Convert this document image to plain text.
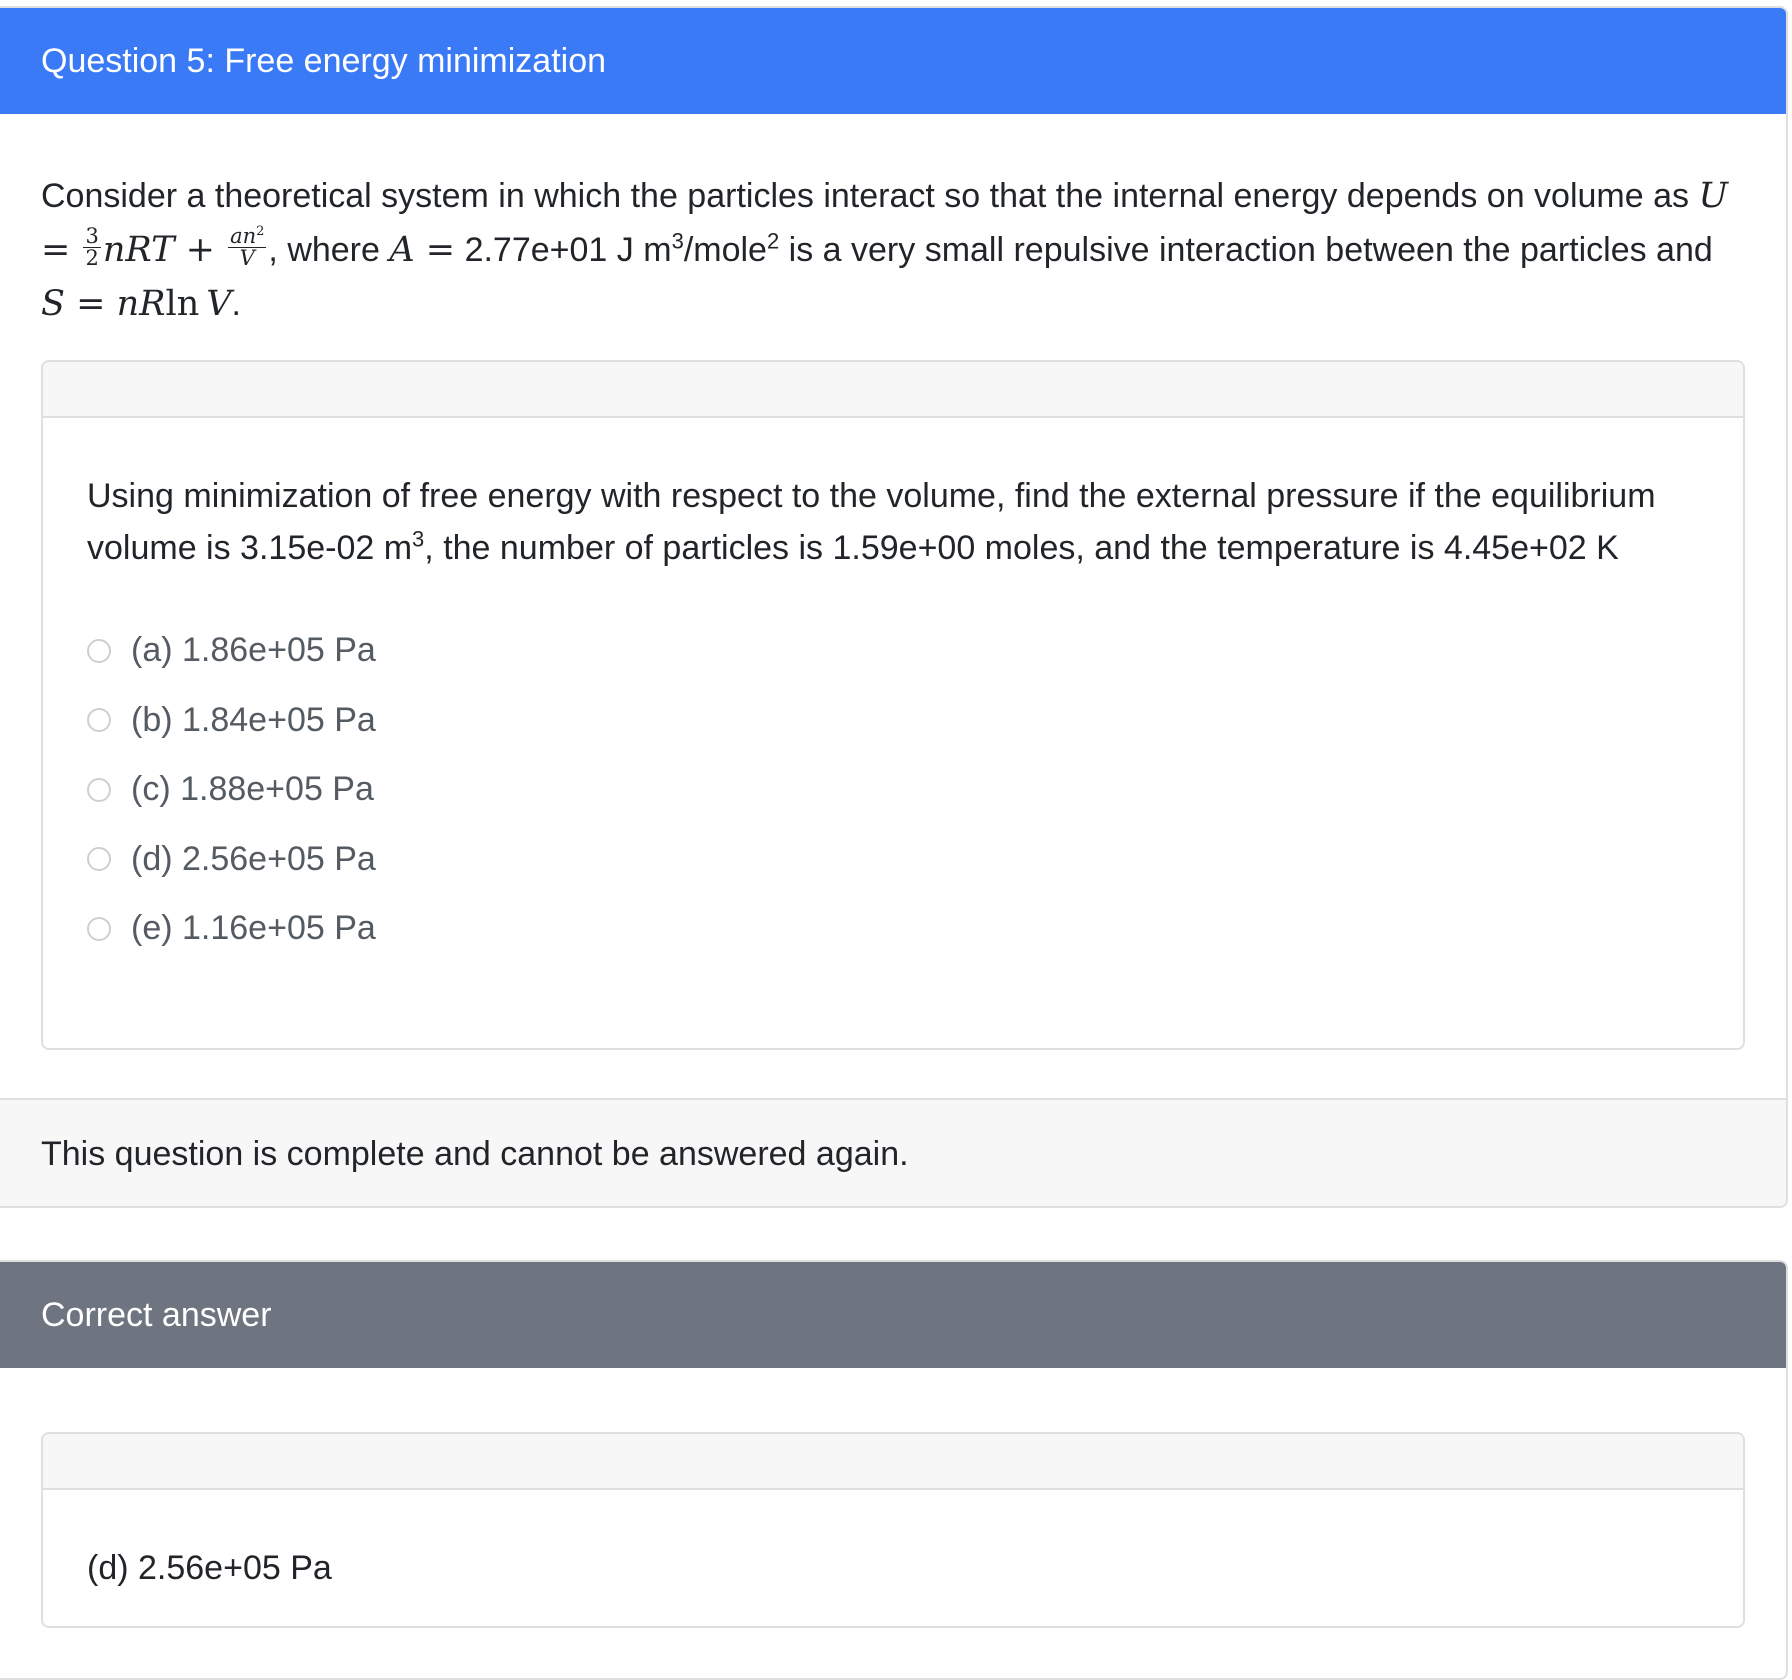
Question 5: Free energy minimization

Consider a theoretical system in which the particles interact so that the internal energy depends on volume as $U = \frac{3}{2}$ nRT + $\frac{an^2}{V}$ , where A = 2.77e+01 J $m^3/mole^2$ is a very small repulsive interaction between the particles and S = nRln  V.

Using minimization of free energy with respect to the volume, find the external pressure if the equilibrium volume is 3.15e-02 $m^3$, the number of particles is 1.59e+00 moles, and the temperature is 4.45e+02 K

(a) 1.86e+05 Pa
(b) 1.84e+05 Pa
(c) 1.88e+05 Pa
(d) 2.56e+05 Pa
(e) 1.16e+05 Pa
This question is complete and cannot be answered again.
Correct answer

(d) 2.56e+05 Pa
